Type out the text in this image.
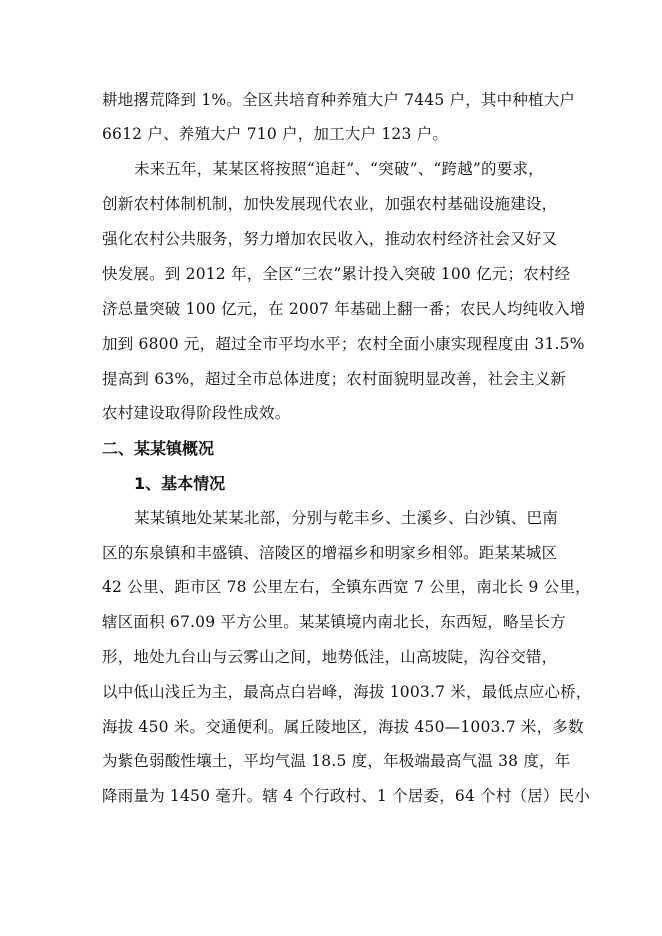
耕地撂荒降到 1%。全区共培育种养殖大户 7445 户，其中种植大户
6612 户、养殖大户 710 户，加工大户 123 户。
未来五年，某某区将按照“追赶”、“突破”、“跨越”的要求，
创新农村体制机制，加快发展现代农业，加强农村基础设施建设，
强化农村公共服务，努力增加农民收入，推动农村经济社会又好又
快发展。到 2012 年，全区“三农”累计投入突破 100 亿元；农村经
济总量突破 100 亿元，在 2007 年基础上翻一番；农民人均纯收入增
加到 6800 元，超过全市平均水平；农村全面小康实现程度由 31.5%
提高到 63%，超过全市总体进度；农村面貌明显改善，社会主义新
农村建设取得阶段性成效。
二、某某镇概况
1、基本情况
某某镇地处某某北部，分别与乾丰乡、土溪乡、白沙镇、巴南
区的东泉镇和丰盛镇、涪陵区的增福乡和明家乡相邻。距某某城区
42 公里、距市区 78 公里左右，全镇东西宽 7 公里，南北长 9 公里，
辖区面积 67.09 平方公里。某某镇境内南北长，东西短，略呈长方
形，地处九台山与云雾山之间，地势低洼，山高坡陡，沟谷交错，
以中低山浅丘为主，最高点白岩峰，海拔 1003.7 米，最低点应心桥，
海拔 450 米。交通便利。属丘陵地区，海拔 450—1003.7 米，多数
为紫色弱酸性壤土，平均气温 18.5 度，年极端最高气温 38 度，年
降雨量为 1450 毫升。辖 4 个行政村、1 个居委，64 个村（居）民小
